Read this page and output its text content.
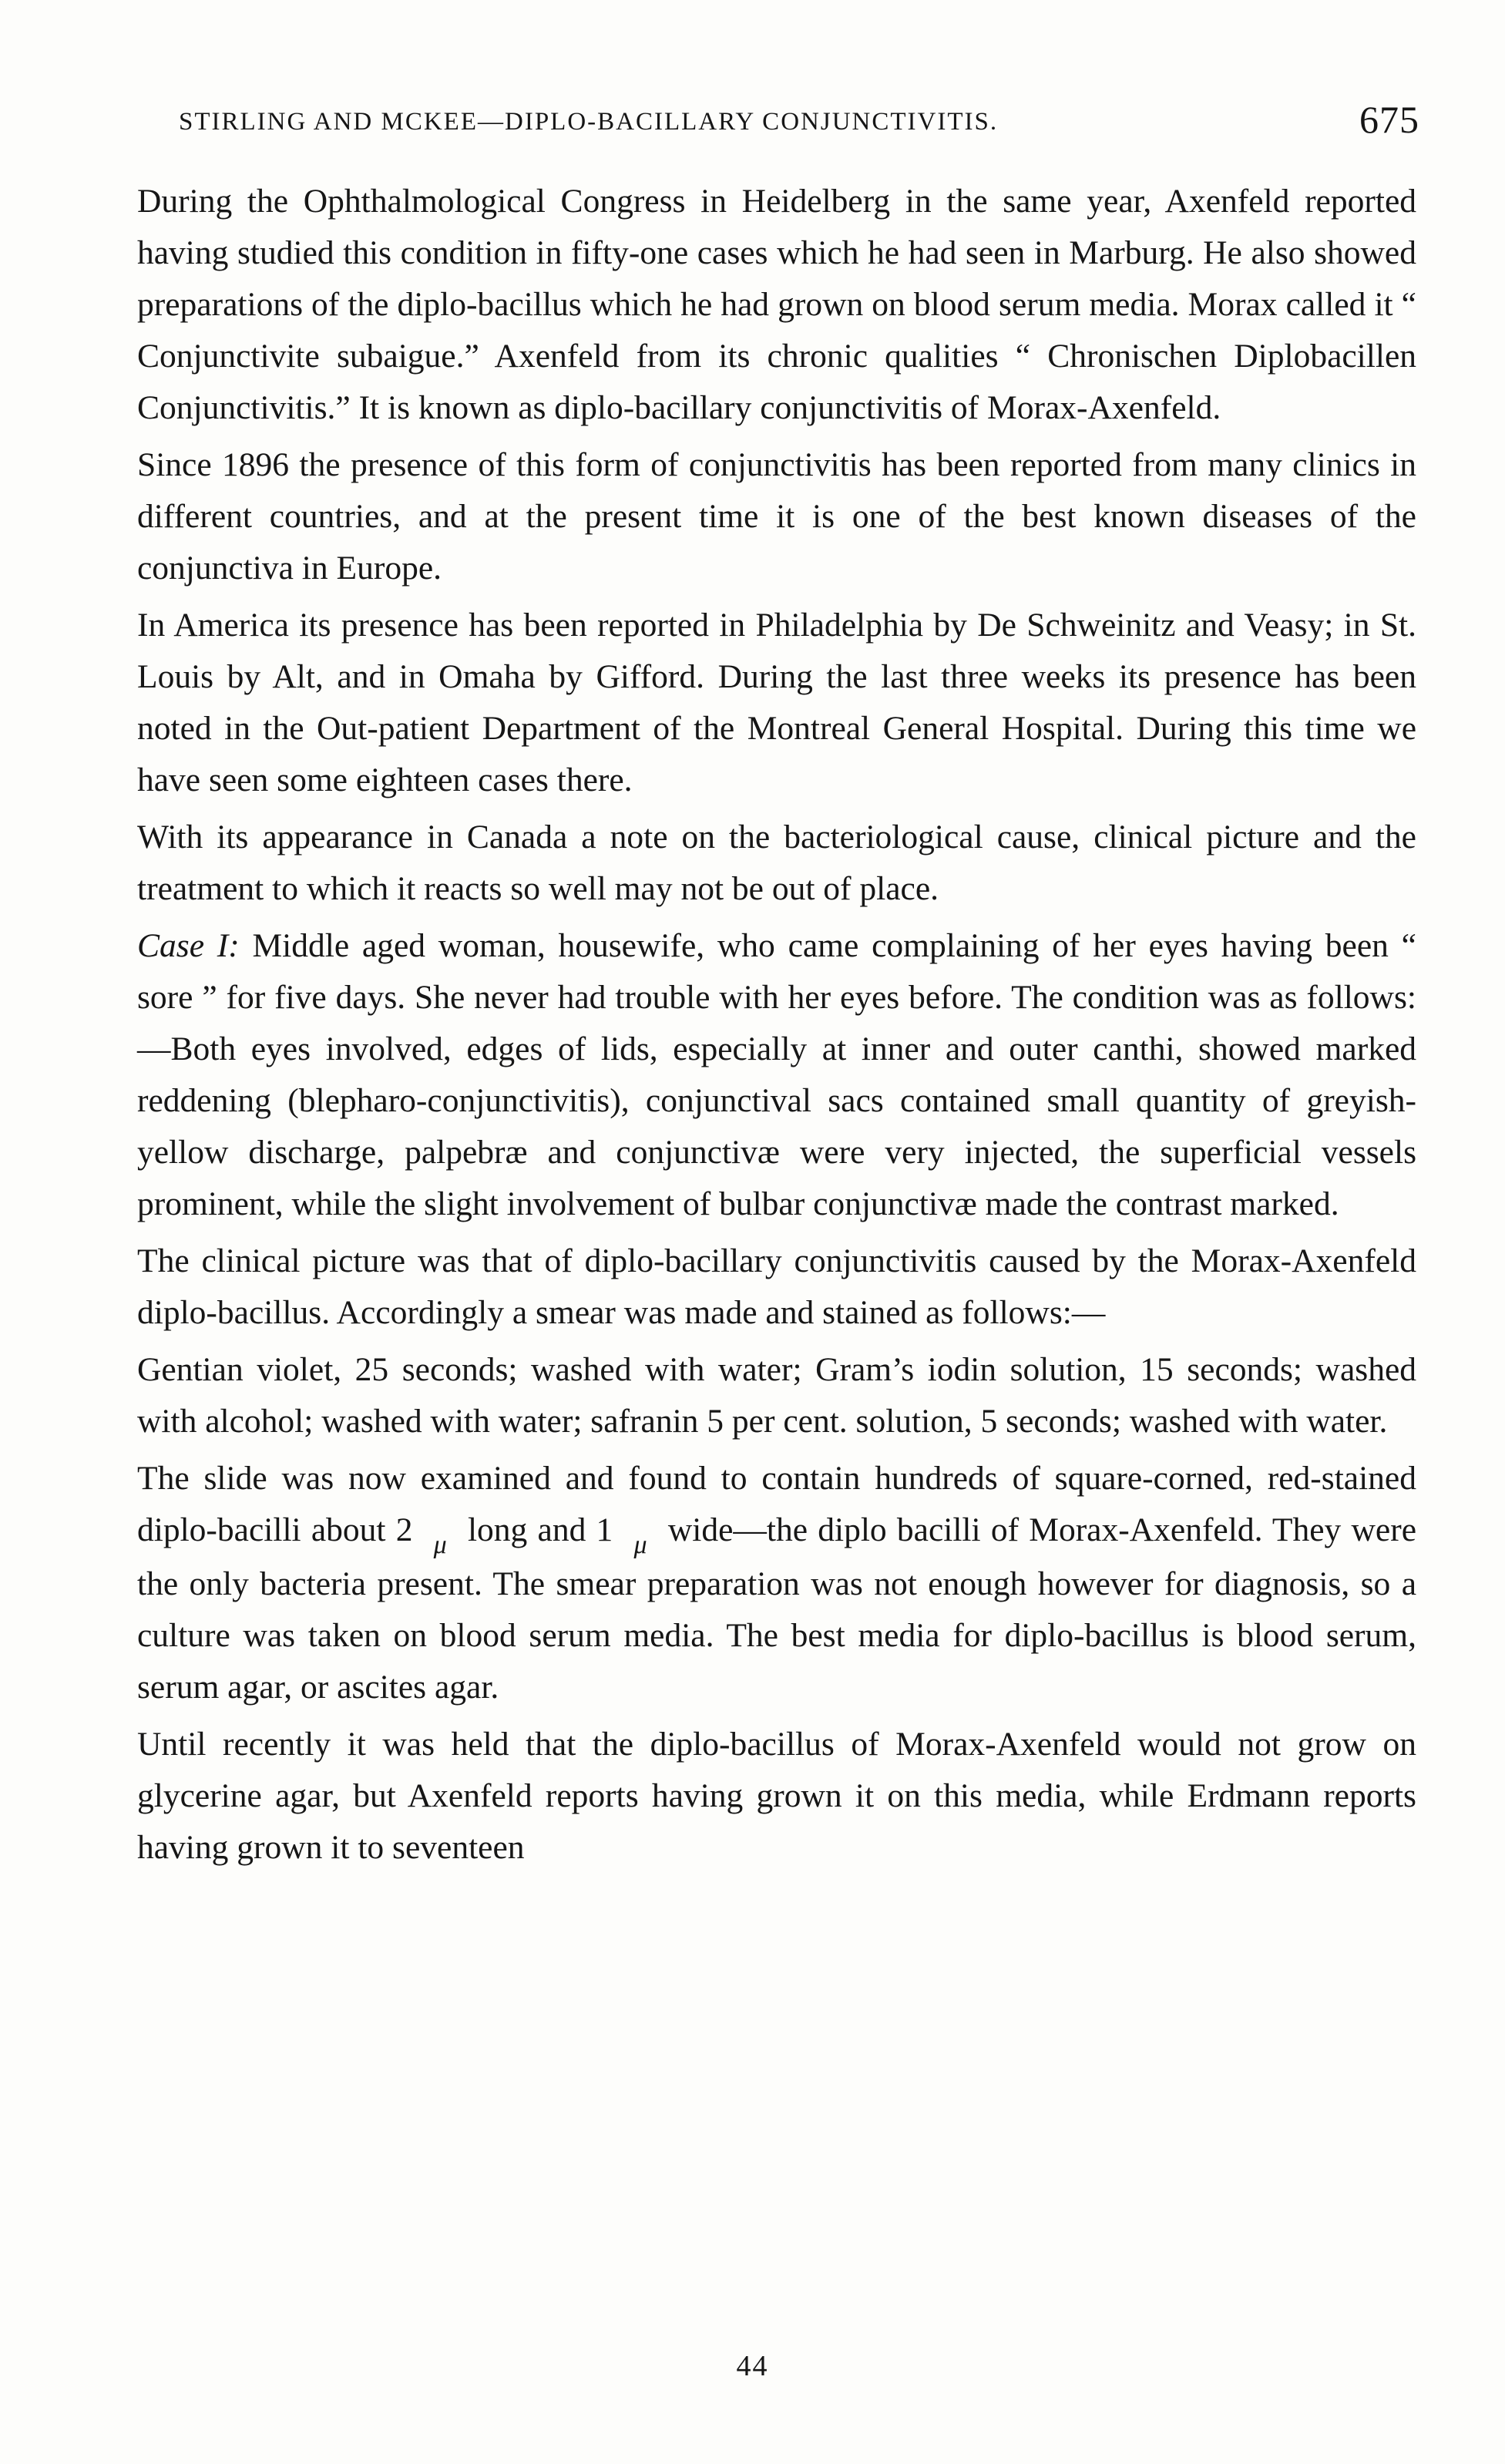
STIRLING AND MCKEE—DIPLO-BACILLARY CONJUNCTIVITIS.	675

During the Ophthalmological Congress in Heidelberg in the same year, Axenfeld reported having studied this condition in fifty-one cases which he had seen in Marburg. He also showed preparations of the diplo-bacillus which he had grown on blood serum media. Morax called it “ Conjunctivite subaigue.” Axenfeld from its chronic qualities “ Chronischen Diplobacillen Conjunctivitis.” It is known as diplo-bacillary conjunctivitis of Morax-Axenfeld.

Since 1896 the presence of this form of conjunctivitis has been reported from many clinics in different countries, and at the present time it is one of the best known diseases of the conjunctiva in Europe.

In America its presence has been reported in Philadelphia by De Schweinitz and Veasy; in St. Louis by Alt, and in Omaha by Gifford. During the last three weeks its presence has been noted in the Out-patient Department of the Montreal General Hospital. During this time we have seen some eighteen cases there.

With its appearance in Canada a note on the bacteriological cause, clinical picture and the treatment to which it reacts so well may not be out of place.

Case I: Middle aged woman, housewife, who came complaining of her eyes having been “ sore ” for five days. She never had trouble with her eyes before. The condition was as follows:—Both eyes involved, edges of lids, especially at inner and outer canthi, showed marked reddening (blepharo-conjunctivitis), conjunctival sacs contained small quantity of greyish-yellow discharge, palpebræ and conjunctivæ were very injected, the superficial vessels prominent, while the slight involvement of bulbar conjunctivæ made the contrast marked.

The clinical picture was that of diplo-bacillary conjunctivitis caused by the Morax-Axenfeld diplo-bacillus. Accordingly a smear was made and stained as follows:—

Gentian violet, 25 seconds; washed with water; Gram’s iodin solution, 15 seconds; washed with alcohol; washed with water; safranin 5 per cent. solution, 5 seconds; washed with water.

The slide was now examined and found to contain hundreds of square-corned, red-stained diplo-bacilli about 2 μ long and 1 μ wide—the diplo bacilli of Morax-Axenfeld. They were the only bacteria present. The smear preparation was not enough however for diagnosis, so a culture was taken on blood serum media. The best media for diplo-bacillus is blood serum, serum agar, or ascites agar.

Until recently it was held that the diplo-bacillus of Morax-Axenfeld would not grow on glycerine agar, but Axenfeld reports having grown it on this media, while Erdmann reports having grown it to seventeen

44
